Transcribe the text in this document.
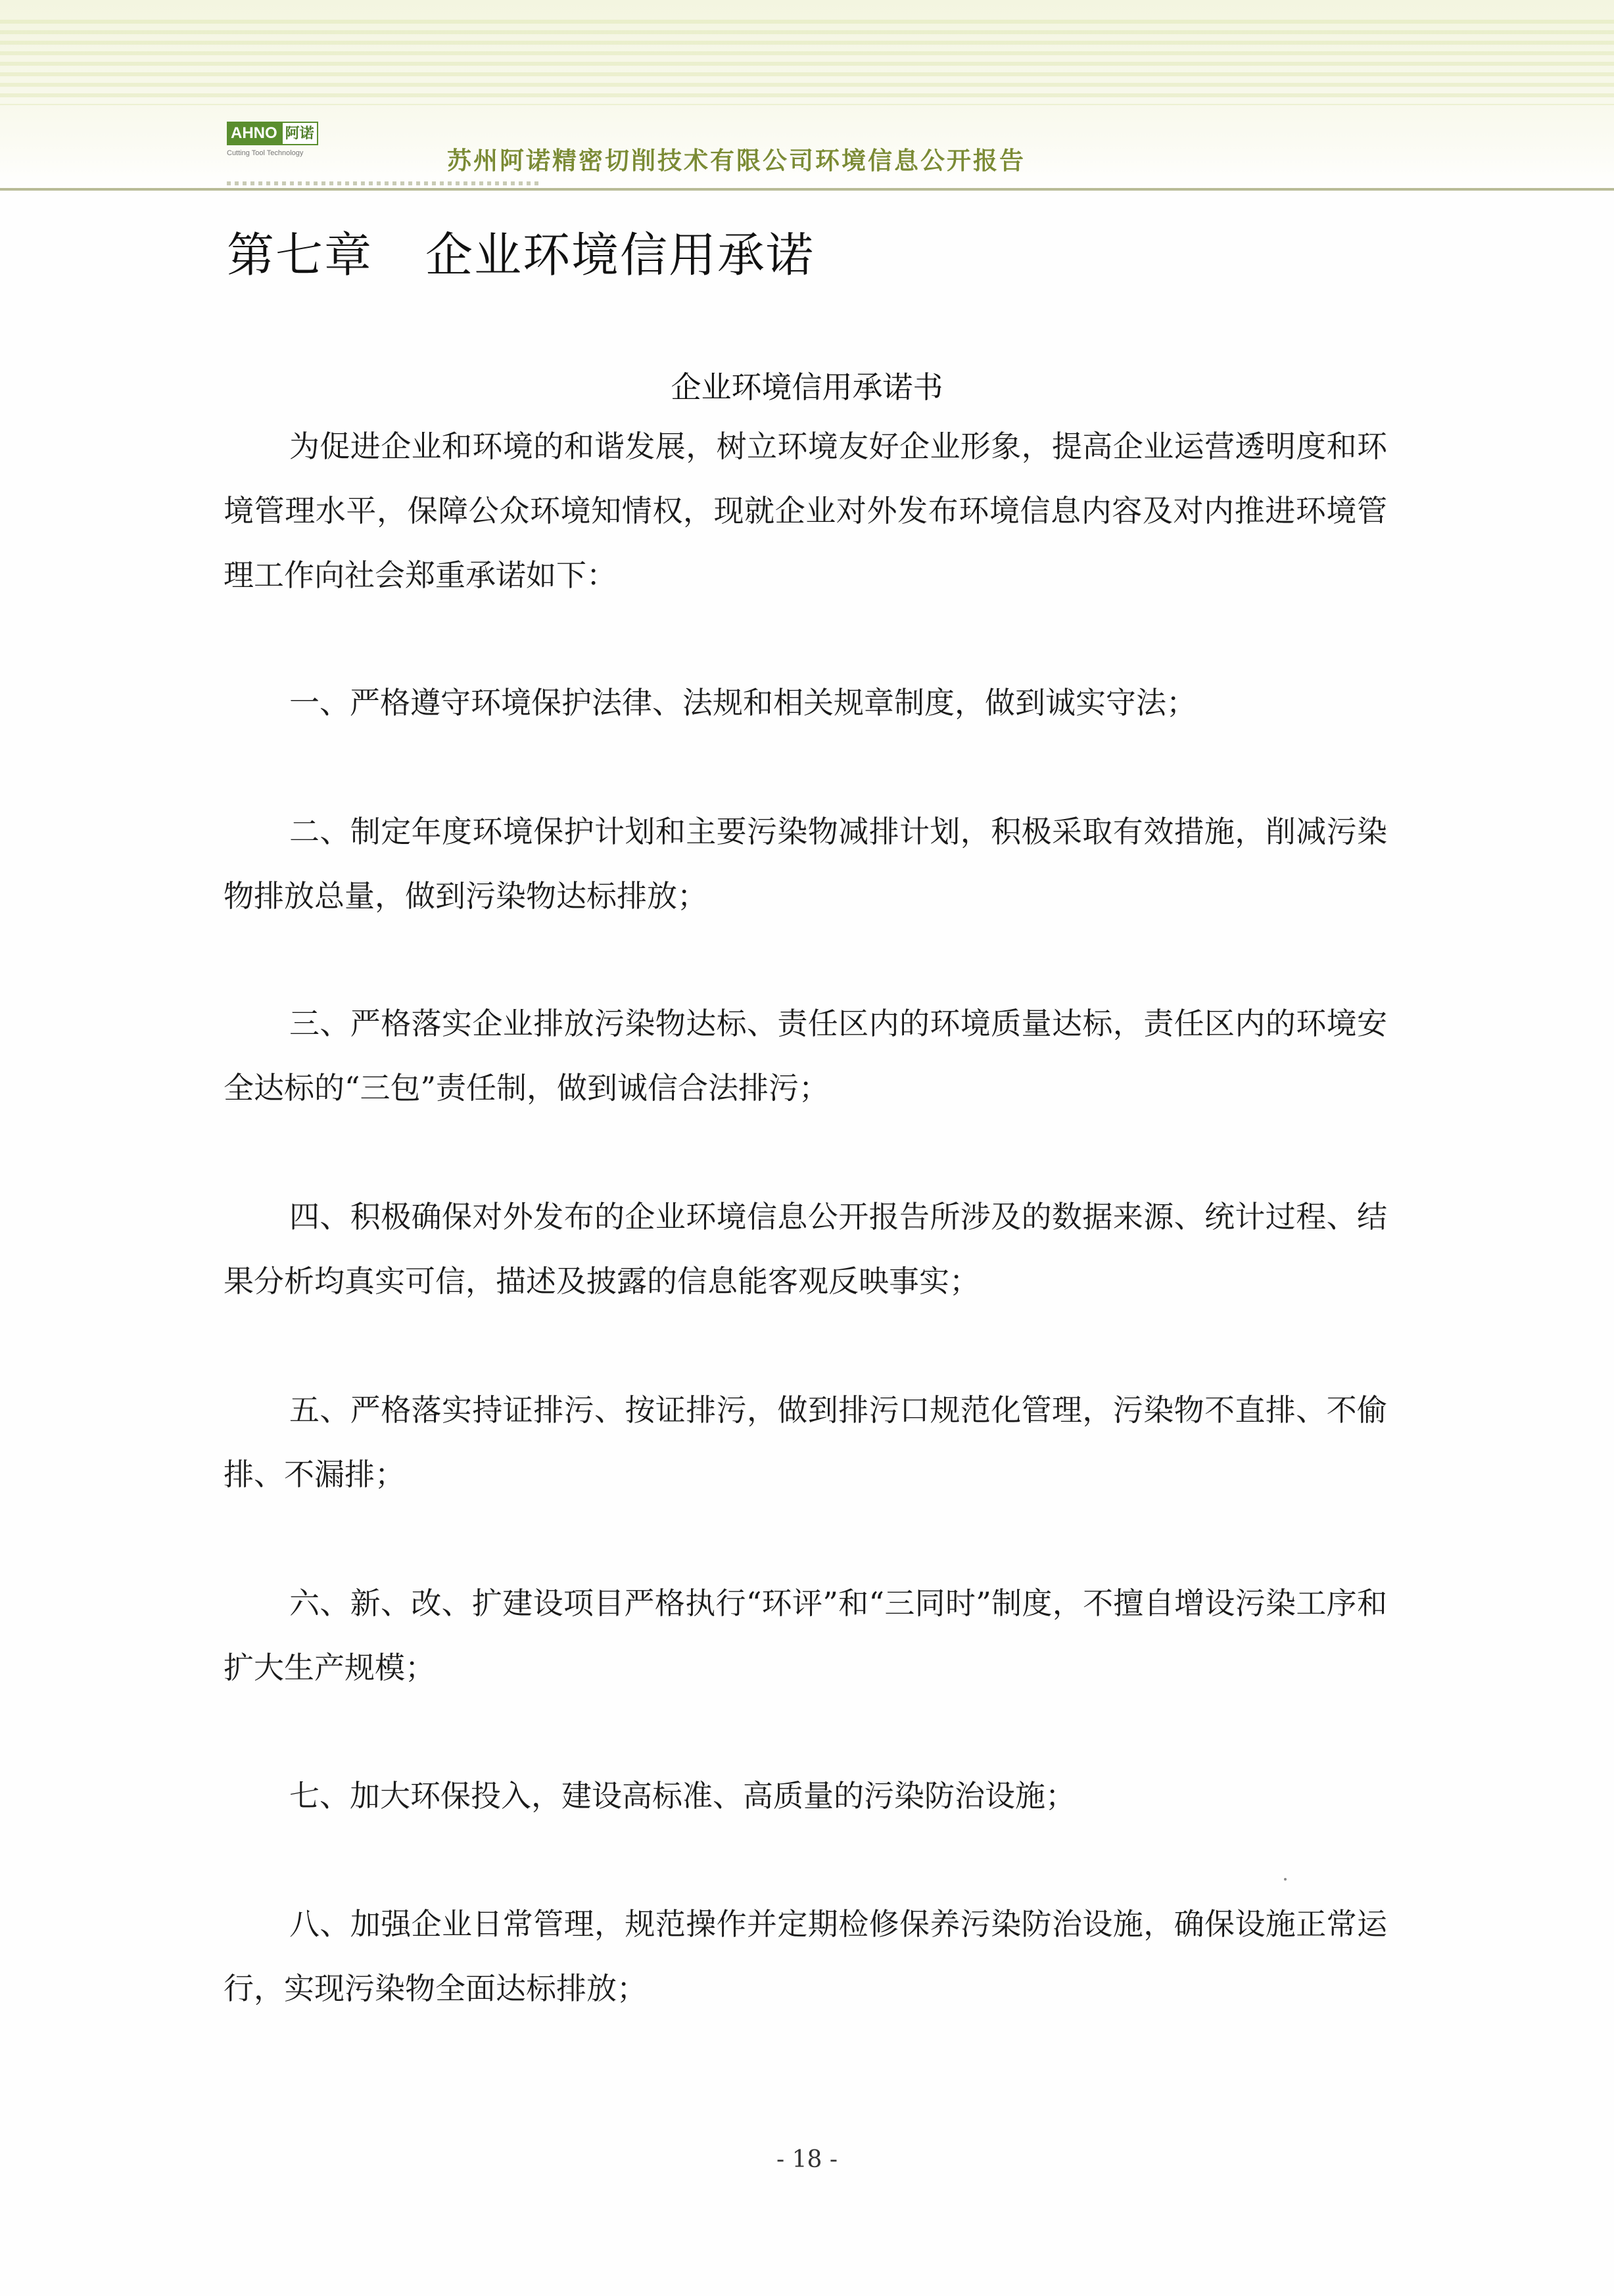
AHNO 阿诺
Cutting Tool Technology	苏州阿诺精密切削技术有限公司环境信息公开报告
第七章 企业环境信用承诺
企业环境信用承诺书
为促进企业和环境的和谐发展，树立环境友好企业形象，提高企业运营透明度和环境管理水平，保障公众环境知情权，现就企业对外发布环境信息内容及对内推进环境管理工作向社会郑重承诺如下：
一、严格遵守环境保护法律、法规和相关规章制度，做到诚实守法；
二、制定年度环境保护计划和主要污染物减排计划，积极采取有效措施，削减污染物排放总量，做到污染物达标排放；
三、严格落实企业排放污染物达标、责任区内的环境质量达标，责任区内的环境安全达标的“三包”责任制，做到诚信合法排污；
四、积极确保对外发布的企业环境信息公开报告所涉及的数据来源、统计过程、结果分析均真实可信，描述及披露的信息能客观反映事实；
五、严格落实持证排污、按证排污，做到排污口规范化管理，污染物不直排、不偷排、不漏排；
六、新、改、扩建设项目严格执行“环评”和“三同时”制度，不擅自增设污染工序和扩大生产规模；
七、加大环保投入，建设高标准、高质量的污染防治设施；
八、加强企业日常管理，规范操作并定期检修保养污染防治设施，确保设施正常运行，实现污染物全面达标排放；
- 18 -
